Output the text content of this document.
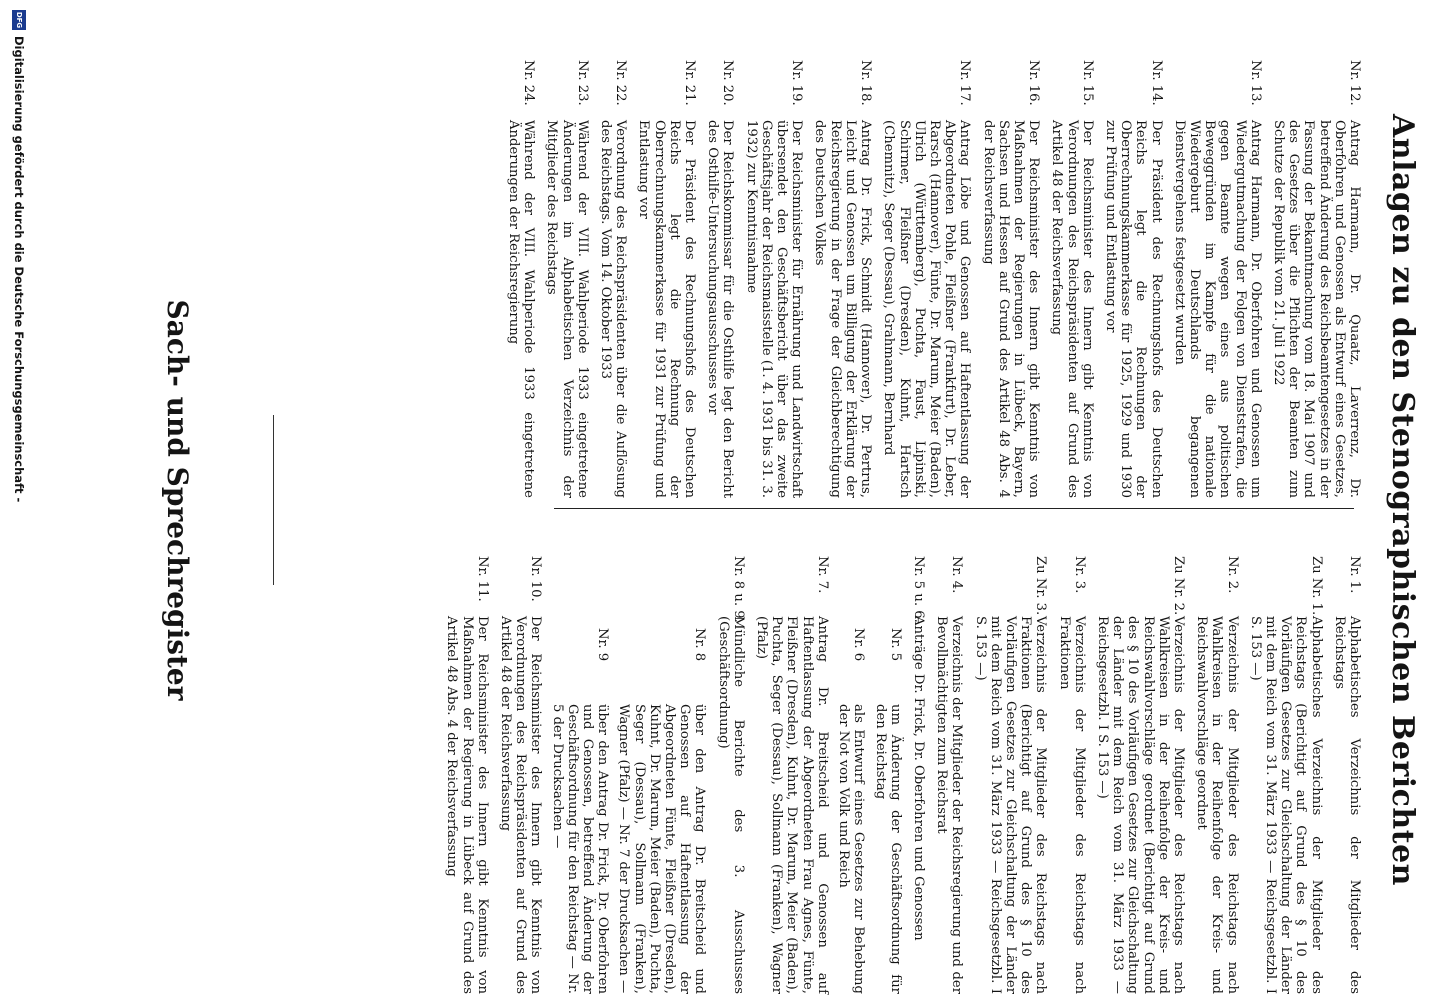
Anlagen zu den Stenographischen Berichten
Nr. 1.
Alphabetisches Verzeichnis der Mitglieder des Reichstags
Zu Nr. 1.
Alphabetisches Verzeichnis der Mitglieder des Reichstags (Berichtigt auf Grund des § 10 des Vorläufigen Gesetzes zur Gleichschaltung der Länder mit dem Reich vom 31. März 1933 — Reichsgesetzbl. I S. 153 —)
Nr. 2.
Verzeichnis der Mitglieder des Reichstags nach Wahlkreisen in der Reihenfolge der Kreis- und Reichswahlvorschläge geordnet
Zu Nr. 2.
Verzeichnis der Mitglieder des Reichstags nach Wahlkreisen in der Reihenfolge der Kreis- und Reichswahlvorschläge geordnet (Berichtigt auf Grund des § 10 des Vorläufigen Gesetzes zur Gleichschaltung der Länder mit dem Reich vom 31. März 1933 — Reichsgesetzbl. I S. 153 —)
Nr. 3.
Verzeichnis der Mitglieder des Reichstags nach Fraktionen
Zu Nr. 3.
Verzeichnis der Mitglieder des Reichstags nach Fraktionen (Berichtigt auf Grund des § 10 des Vorläufigen Gesetzes zur Gleichschaltung der Länder mit dem Reich vom 31. März 1933 — Reichsgesetzbl. I S. 153 —)
Nr. 4.
Verzeichnis der Mitglieder der Reichsregierung und der Bevollmächtigten zum Reichsrat
Nr. 5 u. 6.
Anträge Dr. Frick, Dr. Oberfohren und Genossen
Nr. 5
um Änderung der Geschäftsordnung für den Reichstag
Nr. 6
als Entwurf eines Gesetzes zur Behebung der Not von Volk und Reich
Nr. 7.
Antrag Dr. Breitscheid und Genossen auf Haftentlassung der Abgeordneten Frau Agnes, Fünte, Fleißner (Dresden), Kuhnt, Dr. Marum, Meier (Baden), Puchta, Seger (Dessau), Sollmann (Franken), Wagner (Pfalz)
Nr. 8 u. 9.
Mündliche Berichte des 3. Ausschusses (Geschäftsordnung)
Nr. 8
über den Antrag Dr. Breitscheid und Genossen auf Haftentlassung der Abgeordneten Fünte, Fleißner (Dresden), Kuhnt, Dr. Marum, Meier (Baden), Puchta, Seger (Dessau), Sollmann (Franken), Wagner (Pfalz) — Nr. 7 der Drucksachen —
Nr. 9
über den Antrag Dr. Frick, Dr. Oberfohren und Genossen, betreffend Änderung der Geschäftsordnung für den Reichstag — Nr. 5 der Drucksachen —
Nr. 10.
Der Reichsminister des Innern gibt Kenntnis von Verordnungen des Reichspräsidenten auf Grund des Artikel 48 der Reichsverfassung
Nr. 11.
Der Reichsminister des Innern gibt Kenntnis von Maßnahmen der Regierung in Lübeck auf Grund des Artikel 48 Abs. 4 der Reichsverfassung
Nr. 12.
Antrag Harmann, Dr. Quaatz, Laverrenz, Dr. Oberfohren und Genossen als Entwurf eines Gesetzes, betreffend Änderung des Reichsbeamtengesetzes in der Fassung der Bekanntmachung vom 18. Mai 1907 und des Gesetzes über die Pflichten der Beamten zum Schutze der Republik vom 21. Juli 1922
Nr. 13.
Antrag Harmann, Dr. Oberfohren und Genossen um Wiedergutmachung der Folgen von Dienststrafen, die gegen Beamte wegen eines aus politischen Beweggründen im Kampfe für die nationale Wiedergeburt Deutschlands begangenen Dienstvergehens festgesetzt wurden
Nr. 14.
Der Präsident des Rechnungshofs des Deutschen Reichs legt die Rechnungen der Oberrechnungskammerkasse für 1925, 1929 und 1930 zur Prüfung und Entlastung vor
Nr. 15.
Der Reichsminister des Innern gibt Kenntnis von Verordnungen des Reichspräsidenten auf Grund des Artikel 48 der Reichsverfassung
Nr. 16.
Der Reichsminister des Innern gibt Kenntnis von Maßnahmen der Regierungen in Lübeck, Bayern, Sachsen und Hessen auf Grund des Artikel 48 Abs. 4 der Reichsverfassung
Nr. 17.
Antrag Löbe und Genossen auf Haftentlassung der Abgeordneten Pohle, Fleißner (Frankfurt), Dr. Leber, Rarsch (Hannover), Fünte, Dr. Marum, Meier (Baden), Ulrich (Württemberg), Puchta, Faust, Lipinski, Schirmer, Fleißner (Dresden), Kuhnt, Hartsch (Chemnitz), Seger (Dessau), Grahmann, Bernhard
Nr. 18.
Antrag Dr. Frick, Schmidt (Hannover), Dr. Pertrus, Leicht und Genossen um Billigung der Erklärung der Reichsregierung in der Frage der Gleichberechtigung des Deutschen Volkes
Nr. 19.
Der Reichsminister für Ernährung und Landwirtschaft übersendet den Geschäftsbericht über das zweite Geschäftsjahr der Reichsmaisstelle (1. 4. 1931 bis 31. 3. 1932) zur Kenntnisnahme
Nr. 20.
Der Reichskommissar für die Osthilfe legt den Bericht des Osthilfe-Untersuchungsausschusses vor
Nr. 21.
Der Präsident des Rechnungshofs des Deutschen Reichs legt die Rechnung der Oberrechnungskammerkasse für 1931 zur Prüfung und Entlastung vor
Nr. 22.
Verordnung des Reichspräsidenten über die Auflösung des Reichstags. Vom 14. Oktober 1933
Nr. 23.
Während der VIII. Wahlperiode 1933 eingetretene Änderungen im Alphabetischen Verzeichnis der Mitglieder des Reichstags
Nr. 24.
Während der VIII. Wahlperiode 1933 eingetretene Änderungen der Reichsregierung
Sach- und Sprechregister
DFG
Digitalisierung gefördert durch die Deutsche Forschungsgemeinschaft -
